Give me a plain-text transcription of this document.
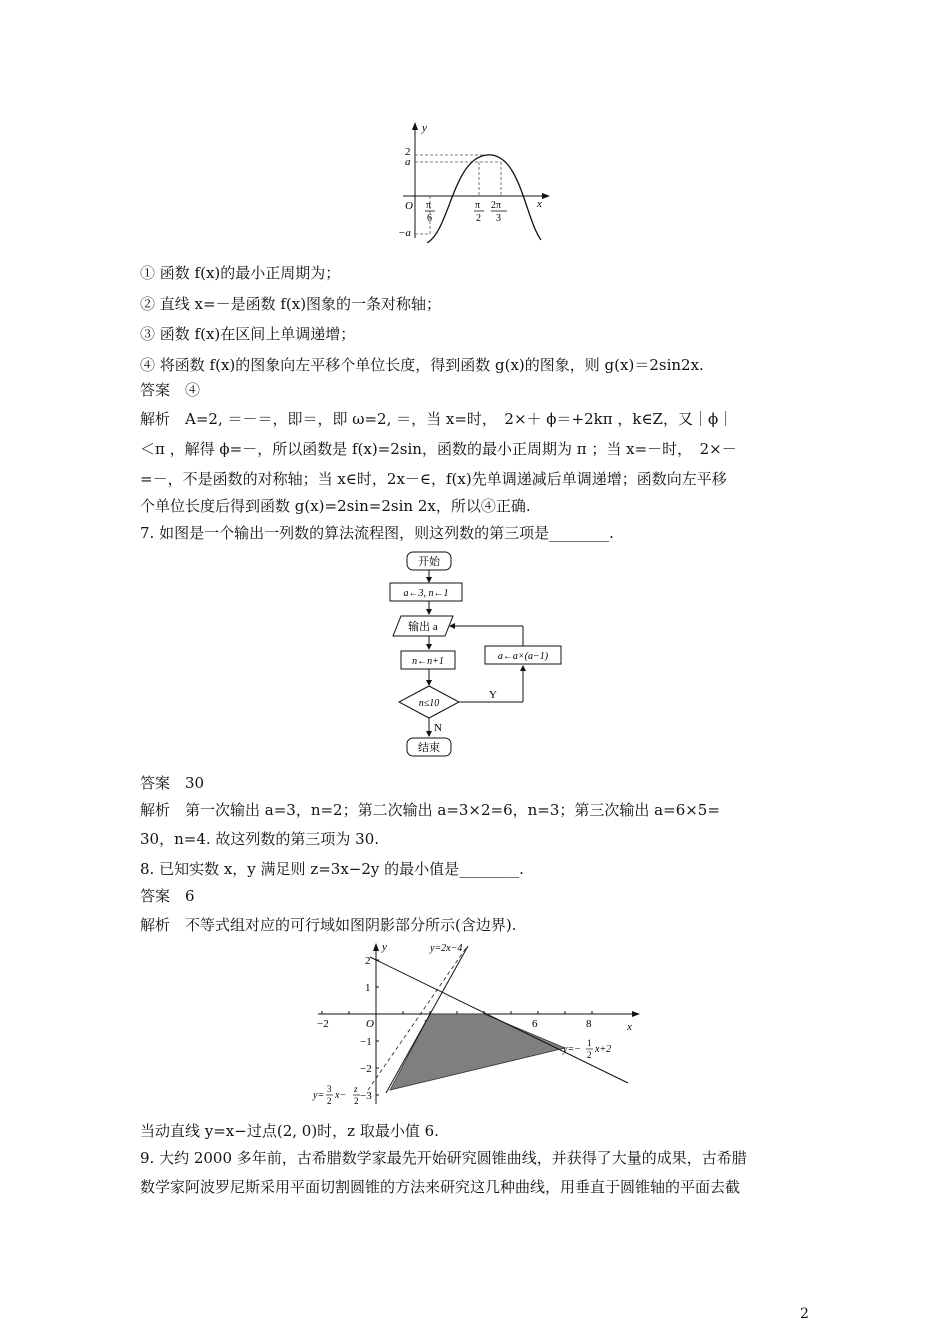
y
x
O
2
a
−a
π
6
π
2
2π
3
① 函数 f(x)的最小正周期为；
② 直线 x=－是函数 f(x)图象的一条对称轴；
③ 函数 f(x)在区间上单调递增；
④ 将函数 f(x)的图象向左平移个单位长度，得到函数 g(x)的图象，则 g(x)＝2sin2x.
答案　④
解析　A=2, ＝－＝，即＝，即 ω=2, ＝，当 x=时，　2×＋ ϕ＝+2kπ ，k∈Z，又｜ϕ｜
＜π ，解得 ϕ=－，所以函数是 f(x)=2sin，函数的最小正周期为 π ；当 x=－时，　2×－
=－，不是函数的对称轴；当 x∈时，2x－∈，f(x)先单调递减后单调递增；函数向左平移
个单位长度后得到函数 g(x)=2sin=2sin 2x，所以④正确.
7. 如图是一个输出一列数的算法流程图，则这列数的第三项是________.
开始
a←3, n←1
输出 a
n←n+1
n≤10
Y
a←a×(a−1)
N
结束
答案　30
解析　第一次输出 a=3，n=2；第二次输出 a=3×2=6，n=3；第三次输出 a=6×5=
30，n=4. 故这列数的第三项为 30.
8. 已知实数 x，y 满足则 z=3x−2y 的最小值是________.
答案　6
解析　不等式组对应的可行域如图阴影部分所示(含边界).
x
y
O
−2	6	8
2
1
−1
−2
−3
y=2x−4
y=−
1
2 x+2
y=
3
2 x−
z
2
当动直线 y=x−过点(2, 0)时，z 取最小值 6.
9. 大约 2000 多年前，古希腊数学家最先开始研究圆锥曲线，并获得了大量的成果，古希腊
数学家阿波罗尼斯采用平面切割圆锥的方法来研究这几种曲线，用垂直于圆锥轴的平面去截
2
